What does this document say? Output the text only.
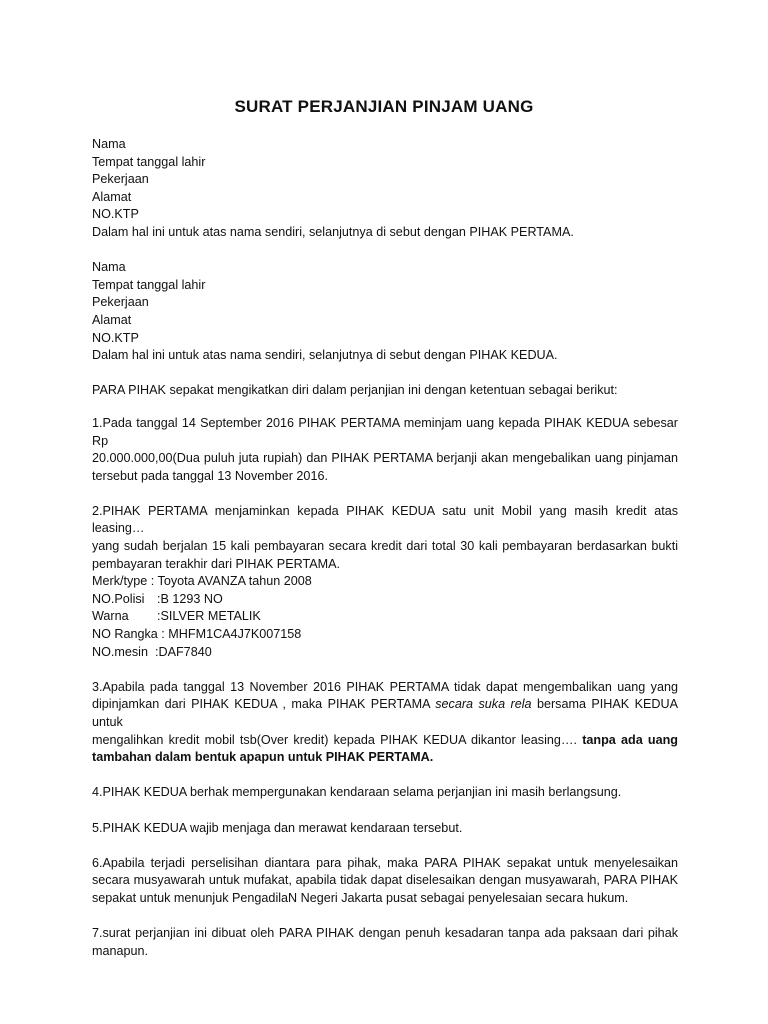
SURAT PERJANJIAN PINJAM UANG
Nama
Tempat tanggal lahir
Pekerjaan
Alamat
NO.KTP
Dalam hal ini untuk atas nama sendiri, selanjutnya di sebut dengan PIHAK PERTAMA.
Nama
Tempat tanggal lahir
Pekerjaan
Alamat
NO.KTP
Dalam hal ini untuk atas nama sendiri, selanjutnya di sebut dengan PIHAK KEDUA.
PARA PIHAK sepakat mengikatkan diri dalam perjanjian ini dengan ketentuan sebagai berikut:
1.Pada tanggal 14 September 2016 PIHAK PERTAMA meminjam uang kepada PIHAK KEDUA sebesar Rp
20.000.000,00(Dua puluh juta rupiah) dan PIHAK PERTAMA berjanji akan mengebalikan uang pinjaman
tersebut pada tanggal 13 November 2016.
2.PIHAK PERTAMA menjaminkan kepada PIHAK KEDUA satu unit Mobil yang masih kredit atas leasing…
yang sudah berjalan 15 kali pembayaran secara kredit dari total 30 kali pembayaran berdasarkan bukti
pembayaran terakhir dari PIHAK PERTAMA.
Merk/type : Toyota AVANZA tahun 2008
NO.Polisi :B 1293 NO
Warna :SILVER METALIK
NO Rangka : MHFM1CA4J7K007158
NO.mesin :DAF7840
3.Apabila pada tanggal 13 November 2016 PIHAK PERTAMA tidak dapat mengembalikan uang yang
dipinjamkan dari PIHAK KEDUA , maka PIHAK PERTAMA secara suka rela bersama PIHAK KEDUA untuk
mengalihkan kredit mobil tsb(Over kredit) kepada PIHAK KEDUA dikantor leasing…. tanpa ada uang
tambahan dalam bentuk apapun untuk PIHAK PERTAMA.
4.PIHAK KEDUA berhak mempergunakan kendaraan selama perjanjian ini masih berlangsung.
5.PIHAK KEDUA wajib menjaga dan merawat kendaraan tersebut.
6.Apabila terjadi perselisihan diantara para pihak, maka PARA PIHAK sepakat untuk menyelesaikan
secara musyawarah untuk mufakat, apabila tidak dapat diselesaikan dengan musyawarah, PARA PIHAK
sepakat untuk menunjuk PengadilaN Negeri Jakarta pusat sebagai penyelesaian secara hukum.
7.surat perjanjian ini dibuat oleh PARA PIHAK dengan penuh kesadaran tanpa ada paksaan dari pihak
manapun.
